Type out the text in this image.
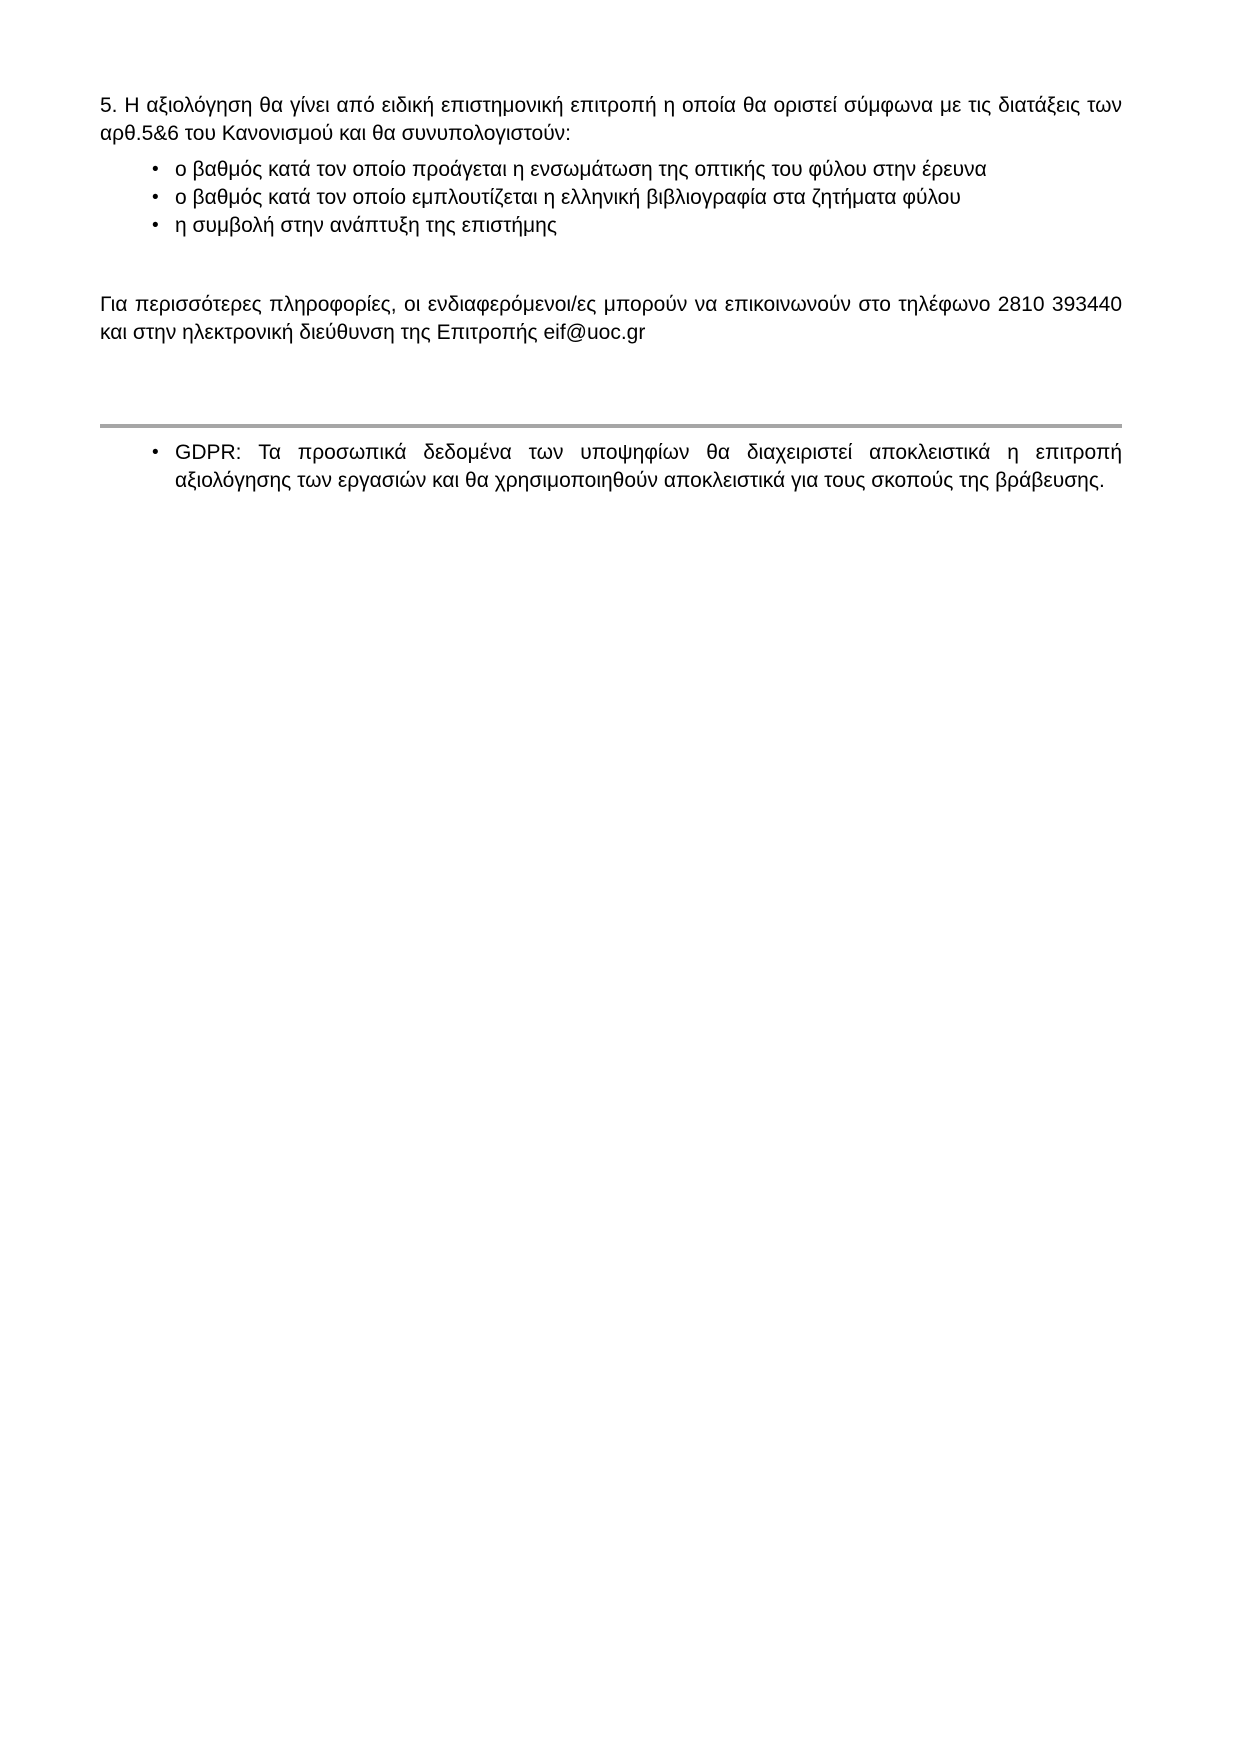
5. Η αξιολόγηση θα γίνει από ειδική επιστημονική επιτροπή η οποία θα οριστεί σύμφωνα με τις διατάξεις των αρθ.5&6 του Κανονισμού και θα συνυπολογιστούν:

• ο βαθμός κατά τον οποίο προάγεται η ενσωμάτωση της οπτικής του φύλου στην έρευνα
• ο βαθμός κατά τον οποίο εμπλουτίζεται η ελληνική βιβλιογραφία στα ζητήματα φύλου
• η συμβολή στην ανάπτυξη της επιστήμης

Για περισσότερες πληροφορίες, οι ενδιαφερόμενοι/ες μπορούν να επικοινωνούν στο τηλέφωνο 2810 393440 και στην ηλεκτρονική διεύθυνση της Επιτροπής eif@uoc.gr

• GDPR: Τα προσωπικά δεδομένα των υποψηφίων θα διαχειριστεί αποκλειστικά η επιτροπή αξιολόγησης των εργασιών και θα χρησιμοποιηθούν αποκλειστικά για τους σκοπούς της βράβευσης.
